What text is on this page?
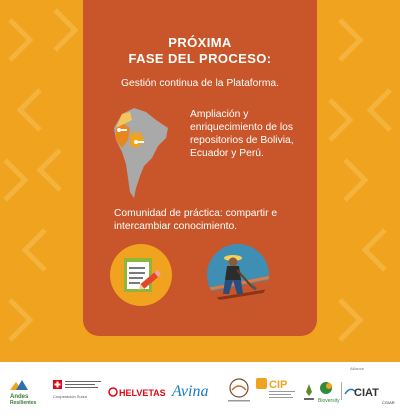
PRÓXIMA
FASE DEL PROCESO:
Gestión continua de la Plataforma.
Ampliación y enriquecimiento de los repositorios de Bolivia, Ecuador y Perú.
Comunidad de práctica: compartir e intercambiar conocimiento.
Andes
Resilientes
Cooperación Suiza	HELVETAS Avina	CIP
Alliance
Bioversity
CIAT
CGIAR
